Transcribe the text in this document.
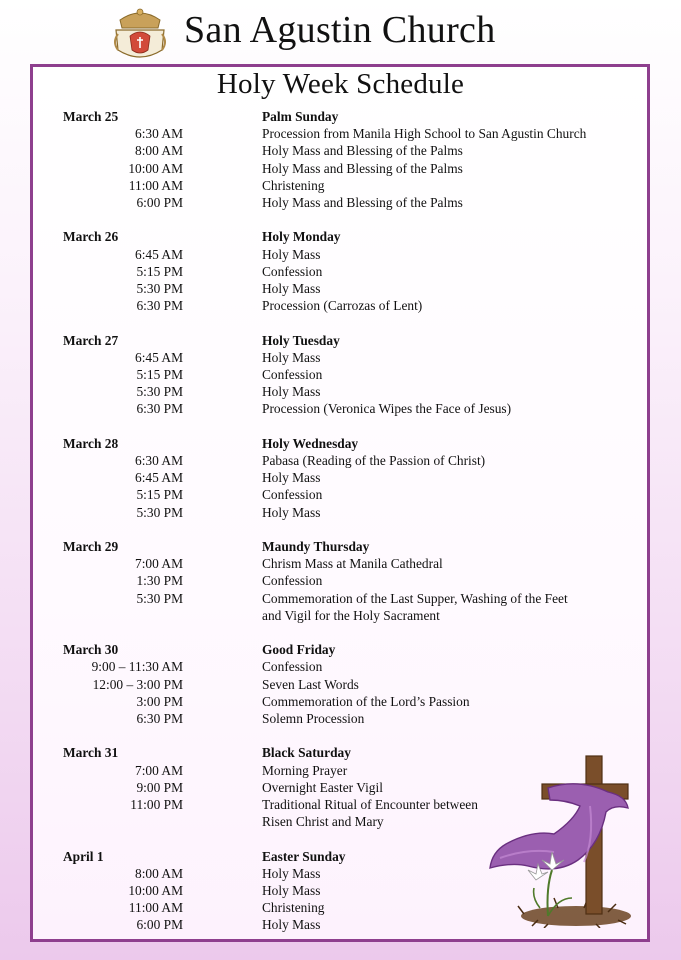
San Agustin Church
Holy Week Schedule
March 25	Palm Sunday
6:30 AM	Procession from Manila High School to San Agustin Church
8:00 AM	Holy Mass and Blessing of the Palms
10:00 AM	Holy Mass and Blessing of the Palms
11:00 AM	Christening
6:00 PM	Holy Mass and Blessing of the Palms
March 26	Holy Monday
6:45 AM	Holy Mass
5:15 PM	Confession
5:30 PM	Holy Mass
6:30 PM	Procession (Carrozas of Lent)
March 27	Holy Tuesday
6:45 AM	Holy Mass
5:15 PM	Confession
5:30 PM	Holy Mass
6:30 PM	Procession (Veronica Wipes the Face of Jesus)
March 28	Holy Wednesday
6:30 AM	Pabasa (Reading of the Passion of Christ)
6:45 AM	Holy Mass
5:15 PM	Confession
5:30 PM	Holy Mass
March 29	Maundy Thursday
7:00 AM	Chrism Mass at Manila Cathedral
1:30 PM	Confession
5:30 PM	Commemoration of the Last Supper, Washing of the Feet
and Vigil for the Holy Sacrament
March 30	Good Friday
9:00 – 11:30 AM	Confession
12:00 – 3:00 PM	Seven Last Words
3:00 PM	Commemoration of the Lord’s Passion
6:30 PM	Solemn Procession
March 31	Black Saturday
7:00 AM	Morning Prayer
9:00 PM	Overnight Easter Vigil
11:00 PM	Traditional Ritual of Encounter between
Risen Christ and Mary
April 1	Easter Sunday
8:00 AM	Holy Mass
10:00 AM	Holy Mass
11:00 AM	Christening
6:00 PM	Holy Mass
